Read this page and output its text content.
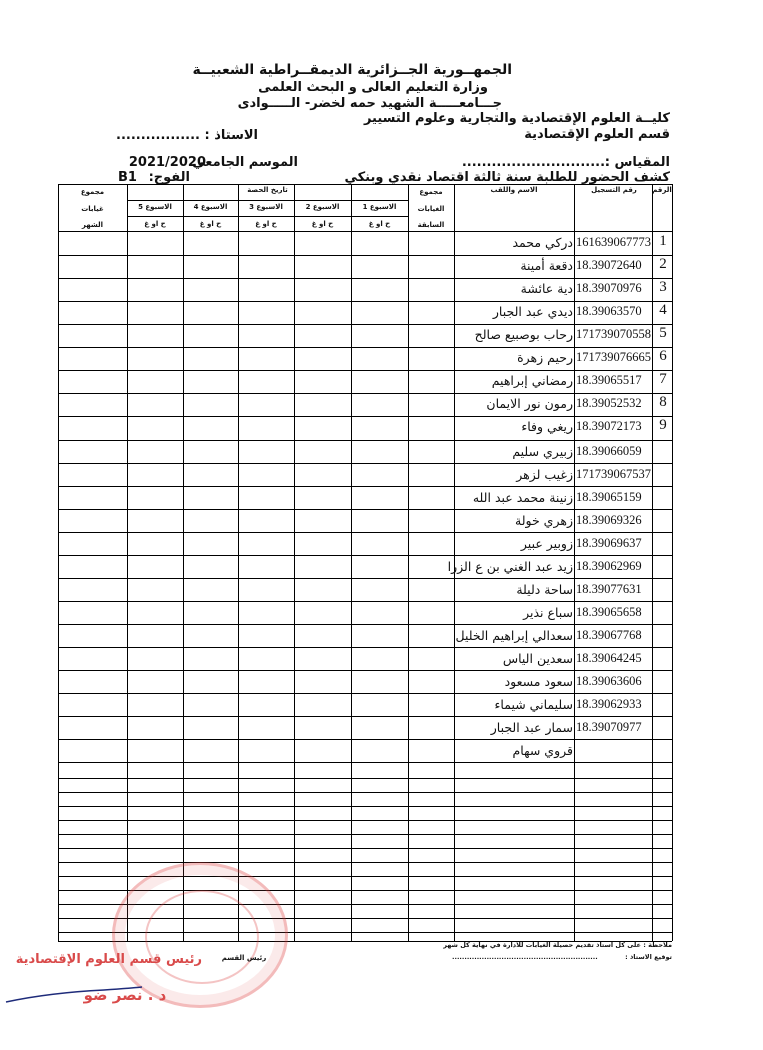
الجمهــورية الجــزائرية الديمقــراطية الشعبيــة
وزارة التعليم العالى و البحث العلمى
جـــامعـــــة الشهيد حمه لخضر- الـــــوادى
كليــة العلوم الإقتصادية والتجارية وعلوم التسيير
قسم العلوم الإقتصادية
الاستاذ :
.................
المقياس :
..............................
الموسم الجامعي
2021/2020
كشف الحضور للطلبة سنة ثالثة اقتصاد نقدي وبنكي
الفوج:
B1
الرقم
رقم التسجيل
الاسم واللقب
مجموع
الغيابات
السابقة
تاريخ الحصة
مجموع
غيابات
الشهر
الاسبوع 1
ح او غ
الاسبوع 2
ح او غ
الاسبوع 3
ح او غ
الاسبوع 4
ح او غ
الاسبوع 5
ح او غ
1
161639067773
دركي محمد
2
18.39072640
دقعة أمينة
3
18.39070976
دية عائشة
4
18.39063570
ديدي عبد الجبار
5
171739070558
رحاب بوصبيع صالح
6
171739076665
رحيم زهرة
7
18.39065517
رمضاني إبراهيم
8
18.39052532
رمون نور الايمان
9
18.39072173
ريغي وفاء
18.39066059
زبيري سليم
171739067537
زغيب لزهر
18.39065159
زنينة محمد عبد الله
18.39069326
زهري خولة
18.39069637
زوبير عبير
18.39062969
زيد عبد الغني بن ع الزرا
18.39077631
ساحة دليلة
18.39065658
سباع نذير
18.39067768
سعدالي إبراهيم الخليل
18.39064245
سعدين الياس
18.39063606
سعود مسعود
18.39062933
سليماني شيماء
18.39070977
سمار عبد الجبار
قروي سهام
ملاحظة : على كل استاذ تقديم حصيلة الغيابات للادارة في نهاية كل شهر
توقيع الاستاذ :
...........................................................
رئيس القسم
رئيس قسم العلوم الإقتصادية
د . نصر ضو
